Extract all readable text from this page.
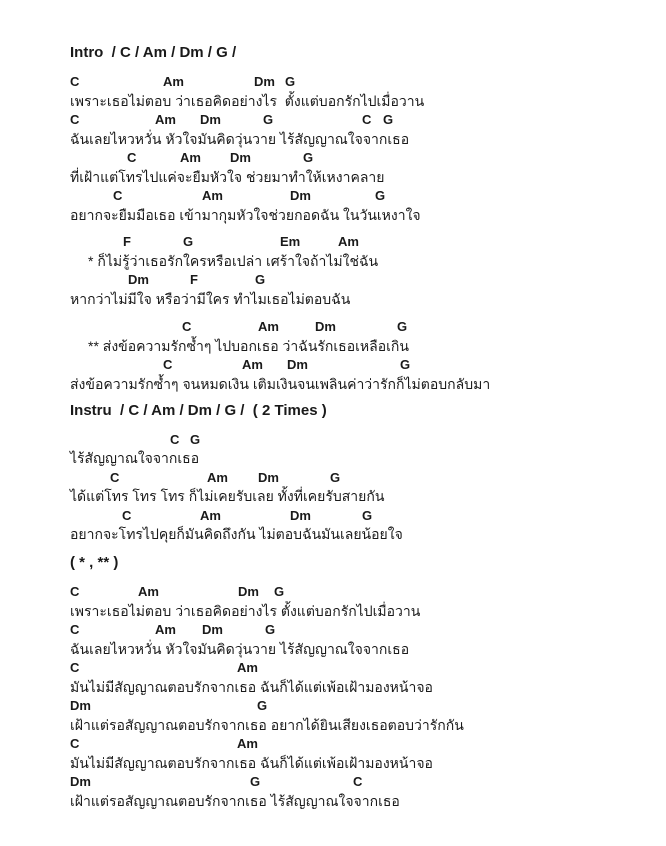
Intro  / C / Am / Dm / G /
C	Am	Dm G
เพราะเธอไม่ตอบ ว่าเธอคิดอย่างไร  ตั้งแต่บอกรักไปเมื่อวาน
C	Am Dm	G	C G
ฉันเลยไหวหวั่น หัวใจมันคิดวุ่นวาย ไร้สัญญาณใจจากเธอ
C	Am Dm	G
ที่เฝ้าแต่โทรไปแค่จะยืมหัวใจ ช่วยมาทำให้เหงาคลาย
C	Am	Dm	G
อยากจะยืมมือเธอ เข้ามากุมหัวใจช่วยกอดฉัน ในวันเหงาใจ
F	G	Em	Am
* ก็ไม่รู้ว่าเธอรักใครหรือเปล่า เศร้าใจถ้าไม่ใช่ฉัน
Dm	F	G
หากว่าไม่มีใจ หรือว่ามีใคร ทำไมเธอไม่ตอบฉัน
C	Am	Dm	G
** ส่งข้อความรักซ้ำๆ ไปบอกเธอ ว่าฉันรักเธอเหลือเกิน
C	Am Dm	G
ส่งข้อความรักซ้ำๆ จนหมดเงิน เติมเงินจนเพลินค่าว่ารักก็ไม่ตอบกลับมา
Instru  / C / Am / Dm / G /  ( 2 Times )
C G
ไร้สัญญาณใจจากเธอ
C	Am Dm	G
ได้แต่โทร โทร โทร ก็ไม่เคยรับเลย ทั้งที่เคยรับสายกัน
C	Am	Dm	G
อยากจะโทรไปคุยก็มันคิดถึงกัน ไม่ตอบฉันมันเลยน้อยใจ
( * , ** )
C	Am	Dm G
เพราะเธอไม่ตอบ ว่าเธอคิดอย่างไร ตั้งแต่บอกรักไปเมื่อวาน
C	Am Dm	G
ฉันเลยไหวหวั่น หัวใจมันคิดวุ่นวาย ไร้สัญญาณใจจากเธอ
C	Am
มันไม่มีสัญญาณตอบรักจากเธอ ฉันก็ได้แต่เพ้อเฝ้ามองหน้าจอ
Dm	G
เฝ้าแต่รอสัญญาณตอบรักจากเธอ อยากได้ยินเสียงเธอตอบว่ารักกัน
C	Am
มันไม่มีสัญญาณตอบรักจากเธอ ฉันก็ได้แต่เพ้อเฝ้ามองหน้าจอ
Dm	G	C
เฝ้าแต่รอสัญญาณตอบรักจากเธอ ไร้สัญญาณใจจากเธอ
